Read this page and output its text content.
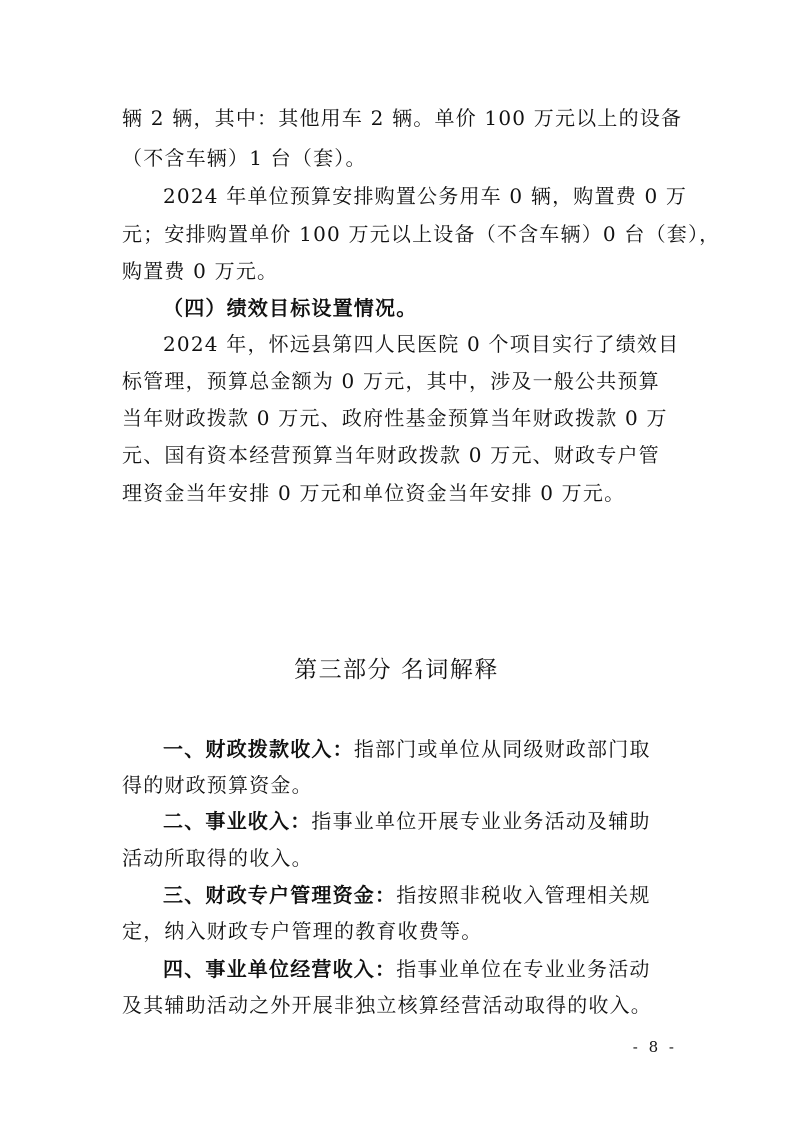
辆 2 辆，其中：其他用车 2 辆。单价 100 万元以上的设备
（不含车辆）1 台（套）。
2024 年单位预算安排购置公务用车 0 辆，购置费 0 万
元；安排购置单价 100 万元以上设备（不含车辆）0 台（套），
购置费 0 万元。
（四）绩效目标设置情况。
2024 年，怀远县第四人民医院 0 个项目实行了绩效目
标管理，预算总金额为 0 万元，其中，涉及一般公共预算
当年财政拨款 0 万元、政府性基金预算当年财政拨款 0 万
元、国有资本经营预算当年财政拨款 0 万元、财政专户管
理资金当年安排 0 万元和单位资金当年安排 0 万元。
第三部分 名词解释
一、财政拨款收入：指部门或单位从同级财政部门取
得的财政预算资金。
二、事业收入：指事业单位开展专业业务活动及辅助
活动所取得的收入。
三、财政专户管理资金：指按照非税收入管理相关规
定，纳入财政专户管理的教育收费等。
四、事业单位经营收入：指事业单位在专业业务活动
及其辅助活动之外开展非独立核算经营活动取得的收入。
- 8 -
